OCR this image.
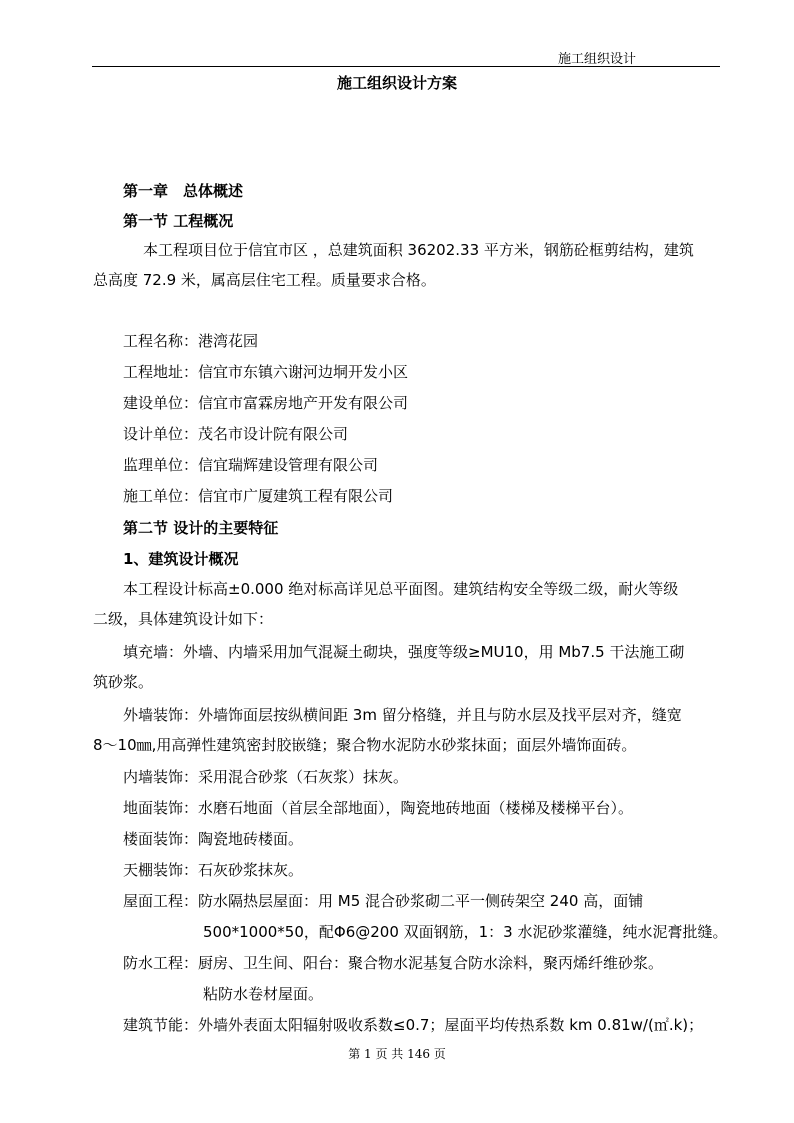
施工组织设计
施工组织设计方案
第一章　总体概述
第一节 工程概况
本工程项目位于信宜市区 ，总建筑面积 36202.33 平方米，钢筋砼框剪结构，建筑
总高度 72.9 米，属高层住宅工程。质量要求合格。
工程名称：港湾花园
工程地址：信宜市东镇六谢河边垌开发小区
建设单位：信宜市富霖房地产开发有限公司
设计单位：茂名市设计院有限公司
监理单位：信宜瑞辉建设管理有限公司
施工单位：信宜市广厦建筑工程有限公司
第二节 设计的主要特征
1、建筑设计概况
本工程设计标高±0.000 绝对标高详见总平面图。建筑结构安全等级二级，耐火等级
二级，具体建筑设计如下：
填充墙：外墙、内墙采用加气混凝土砌块，强度等级≥MU10，用 Mb7.5 干法施工砌
筑砂浆。
外墙装饰：外墙饰面层按纵横间距 3m 留分格缝，并且与防水层及找平层对齐，缝宽
8～10㎜,用高弹性建筑密封胶嵌缝；聚合物水泥防水砂浆抹面；面层外墙饰面砖。
内墙装饰：采用混合砂浆（石灰浆）抹灰。
地面装饰：水磨石地面（首层全部地面），陶瓷地砖地面（楼梯及楼梯平台）。
楼面装饰：陶瓷地砖楼面。
天棚装饰：石灰砂浆抹灰。
屋面工程：防水隔热层屋面：用 M5 混合砂浆砌二平一侧砖架空 240 高，面铺
500*1000*50，配Φ6@200 双面钢筋，1：3 水泥砂浆灌缝，纯水泥膏批缝。
防水工程：厨房、卫生间、阳台：聚合物水泥基复合防水涂料，聚丙烯纤维砂浆。
粘防水卷材屋面。
建筑节能：外墙外表面太阳辐射吸收系数≤0.7；屋面平均传热系数 km 0.81w/(㎡.k)；
第 1 页 共 146 页
